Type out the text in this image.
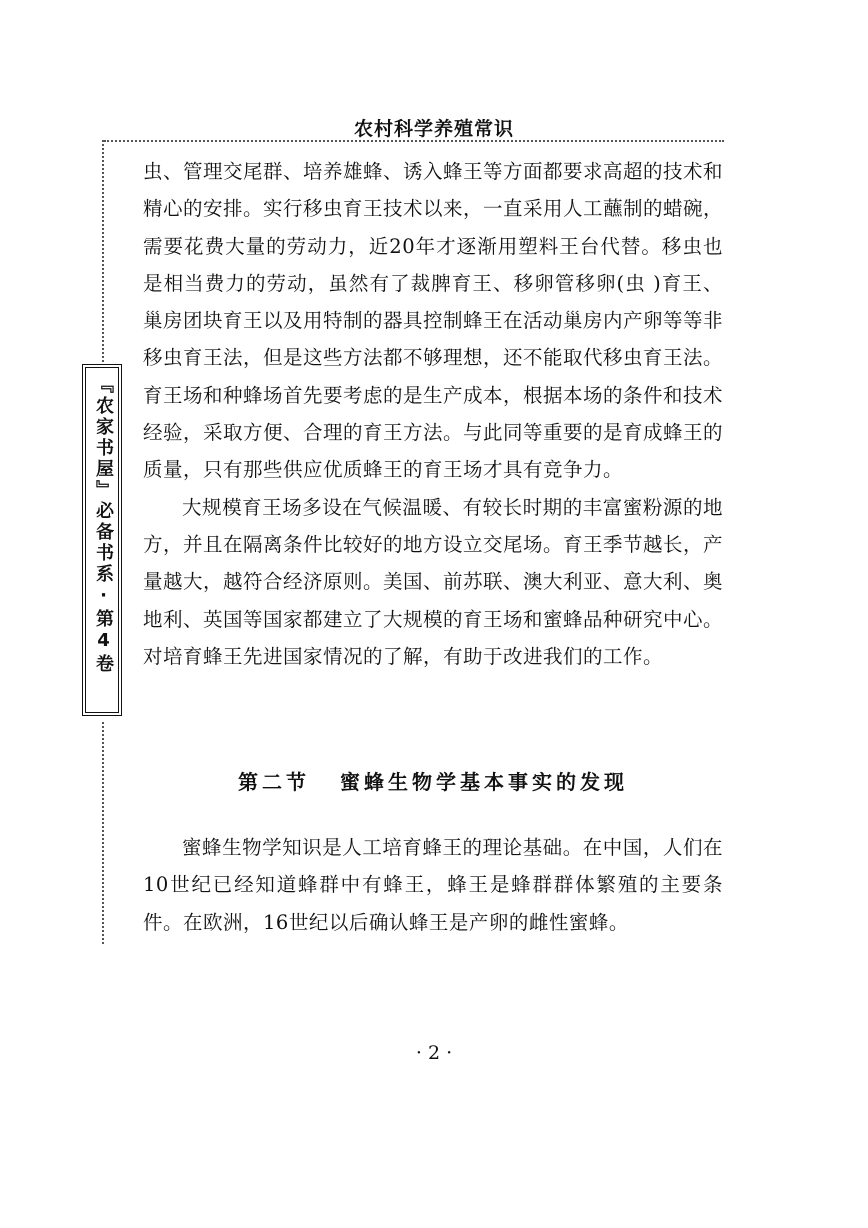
农村科学养殖常识
『农家书屋』必备书系·第4卷

虫、管理交尾群、培养雄蜂、诱入蜂王等方面都要求高超的技术和精心的安排。实行移虫育王技术以来，一直采用人工蘸制的蜡碗，需要花费大量的劳动力，近20年才逐渐用塑料王台代替。移虫也是相当费力的劳动，虽然有了裁脾育王、移卵管移卵(虫 )育王、巢房团块育王以及用特制的器具控制蜂王在活动巢房内产卵等等非移虫育王法，但是这些方法都不够理想，还不能取代移虫育王法。育王场和种蜂场首先要考虑的是生产成本，根据本场的条件和技术经验，采取方便、合理的育王方法。与此同等重要的是育成蜂王的质量，只有那些供应优质蜂王的育王场才具有竞争力。

大规模育王场多设在气候温暖、有较长时期的丰富蜜粉源的地方，并且在隔离条件比较好的地方设立交尾场。育王季节越长，产量越大，越符合经济原则。美国、前苏联、澳大利亚、意大利、奥地利、英国等国家都建立了大规模的育王场和蜜蜂品种研究中心。对培育蜂王先进国家情况的了解，有助于改进我们的工作。

第二节 蜜蜂生物学基本事实的发现

蜜蜂生物学知识是人工培育蜂王的理论基础。在中国，人们在10世纪已经知道蜂群中有蜂王，蜂王是蜂群群体繁殖的主要条件。在欧洲，16世纪以后确认蜂王是产卵的雌性蜜蜂。

· 2 ·
